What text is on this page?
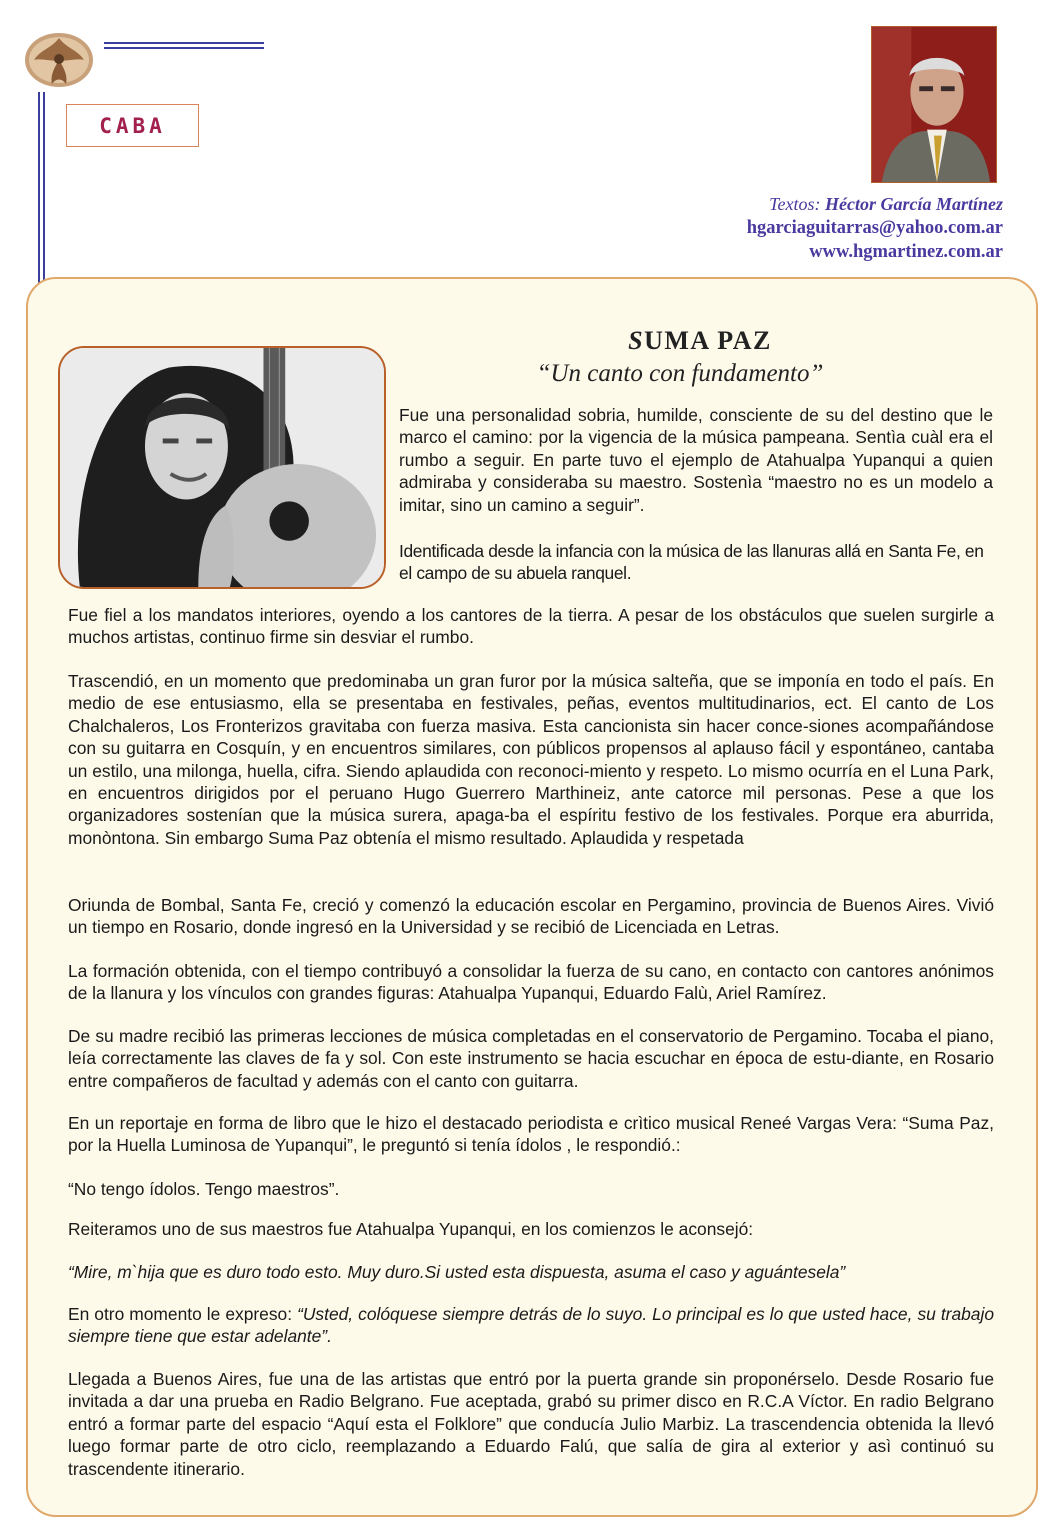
CABA
Textos: Héctor García Martínez
hgarciaguitarras@yahoo.com.ar
www.hgmartinez.com.ar
SUMA PAZ
“Un canto con fundamento”

Fue una personalidad sobria, humilde, consciente de su del destino que le marco el camino: por la vigencia de la música pampeana. Sentìa cuàl era el rumbo a seguir. En parte tuvo el ejemplo de Atahualpa Yupanqui a quien admiraba y consideraba su maestro. Sostenìa “maestro no es un modelo a imitar, sino un camino a seguir”.

Identificada desde la infancia con la música de las llanuras allá en Santa Fe, en el campo de su abuela ranquel.

Fue fiel a los mandatos interiores, oyendo a los cantores de la tierra. A pesar de los obstáculos que suelen surgirle a muchos artistas, continuo firme sin desviar el rumbo.

Trascendió, en un momento que predominaba un gran furor por la música salteña, que se imponía en todo el país. En medio de ese entusiasmo, ella se presentaba en festivales, peñas, eventos multitudinarios, ect. El canto de Los Chalchaleros, Los Fronterizos gravitaba con fuerza masiva. Esta cancionista sin hacer conce-siones acompañándose con su guitarra en Cosquín, y en encuentros similares, con públicos propensos al aplauso fácil y espontáneo, cantaba un estilo, una milonga, huella, cifra. Siendo aplaudida con reconoci-miento y respeto. Lo mismo ocurría en el Luna Park, en encuentros dirigidos por el peruano Hugo Guerrero Marthineiz, ante catorce mil personas. Pese a que los organizadores sostenían que la música surera, apaga-ba el espíritu festivo de los festivales. Porque era aburrida, monòntona. Sin embargo Suma Paz obtenía el mismo resultado. Aplaudida y respetada

Oriunda de Bombal, Santa Fe, creció y comenzó la educación escolar en Pergamino, provincia de Buenos Aires. Vivió un tiempo en Rosario, donde ingresó en la Universidad y se recibió de Licenciada en Letras.

La formación obtenida, con el tiempo contribuyó a consolidar la fuerza de su cano, en contacto con cantores anónimos de la llanura y los vínculos con grandes figuras: Atahualpa Yupanqui, Eduardo Falù, Ariel Ramírez.

De su madre recibió las primeras lecciones de música completadas en el conservatorio de Pergamino. Tocaba el piano, leía correctamente las claves de fa y sol. Con este instrumento se hacia escuchar en época de estu-diante, en Rosario entre compañeros de facultad y además con el canto con guitarra.

En un reportaje en forma de libro que le hizo el destacado periodista e crìtico musical Reneé Vargas Vera: “Suma Paz, por la Huella Luminosa de Yupanqui”, le preguntó si tenía ídolos , le respondió.:

“No tengo ídolos. Tengo maestros”.

Reiteramos uno de sus maestros fue Atahualpa Yupanqui, en los comienzos le aconsejó:

“Mire, m`hija que es duro todo esto. Muy duro.Si usted esta dispuesta, asuma el caso y aguántesela”

En otro momento le expreso: “Usted, colóquese siempre detrás de lo suyo. Lo principal es lo que usted hace, su trabajo siempre tiene que estar adelante”.

Llegada a Buenos Aires, fue una de las artistas que entró por la puerta grande sin proponérselo. Desde Rosario fue invitada a dar una prueba en Radio Belgrano. Fue aceptada, grabó su primer disco en R.C.A Víctor. En radio Belgrano entró a formar parte del espacio “Aquí esta el Folklore” que conducía Julio Marbiz. La trascendencia obtenida la llevó luego formar parte de otro ciclo, reemplazando a Eduardo Falú, que salía de gira al exterior y asì continuó su trascendente itinerario.
